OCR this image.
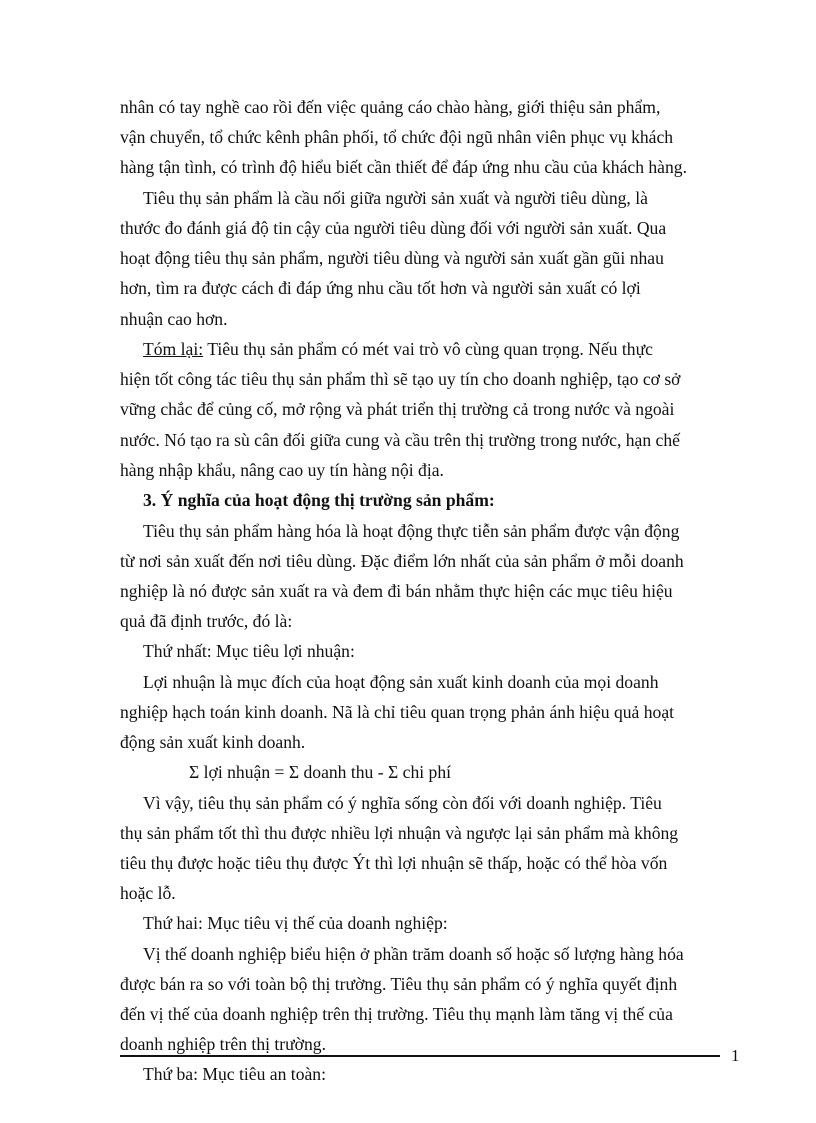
nhân có tay nghề cao rồi đến việc quảng cáo chào hàng, giới thiệu sản phẩm,
vận chuyển, tổ chức kênh phân phối, tổ chức đội ngũ nhân viên phục vụ khách
hàng tận tình, có trình độ hiểu biết cần thiết để đáp ứng nhu cầu của khách hàng.
Tiêu thụ sản phẩm là cầu nối giữa người sản xuất và người tiêu dùng, là
thước đo đánh giá độ tin cậy của người tiêu dùng đối với người sản xuất. Qua
hoạt động tiêu thụ sản phẩm, người tiêu dùng và người sản xuất gần gũi nhau
hơn, tìm ra được cách đi đáp ứng nhu cầu tốt hơn và người sản xuất có lợi
nhuận cao hơn.
Tóm lại: Tiêu thụ sản phẩm có mét vai trò vô cùng quan trọng. Nếu thực
hiện tốt công tác tiêu thụ sản phẩm thì sẽ tạo uy tín cho doanh nghiệp, tạo cơ sở
vững chắc để củng cố, mở rộng và phát triển thị trường cả trong nước và ngoài
nước. Nó tạo ra sù cân đối giữa cung và cầu trên thị trường trong nước, hạn chế
hàng nhập khẩu, nâng cao uy tín hàng nội địa.
3. Ý nghĩa của hoạt động thị trường sản phẩm:
Tiêu thụ sản phẩm hàng hóa là hoạt động thực tiễn sản phẩm được vận động
từ nơi sản xuất đến nơi tiêu dùng. Đặc điểm lớn nhất của sản phẩm ở mỗi doanh
nghiệp là nó được sản xuất ra và đem đi bán nhằm thực hiện các mục tiêu hiệu
quả đã định trước, đó là:
Thứ nhất: Mục tiêu lợi nhuận:
Lợi nhuận là mục đích của hoạt động sản xuất kinh doanh của mọi doanh
nghiệp hạch toán kinh doanh. Nã là chỉ tiêu quan trọng phản ánh hiệu quả hoạt
động sản xuất kinh doanh.
Σ lợi nhuận = Σ doanh thu - Σ chi phí
Vì vậy, tiêu thụ sản phẩm có ý nghĩa sống còn đối với doanh nghiệp. Tiêu
thụ sản phẩm tốt thì thu được nhiều lợi nhuận và ngược lại sản phẩm mà không
tiêu thụ được hoặc tiêu thụ được Ýt thì lợi nhuận sẽ thấp, hoặc có thể hòa vốn
hoặc lỗ.
Thứ hai: Mục tiêu vị thế của doanh nghiệp:
Vị thế doanh nghiệp biểu hiện ở phần trăm doanh số hoặc số lượng hàng hóa
được bán ra so với toàn bộ thị trường. Tiêu thụ sản phẩm có ý nghĩa quyết định
đến vị thế của doanh nghiệp trên thị trường. Tiêu thụ mạnh làm tăng vị thế của
doanh nghiệp trên thị trường.
Thứ ba: Mục tiêu an toàn:
1
